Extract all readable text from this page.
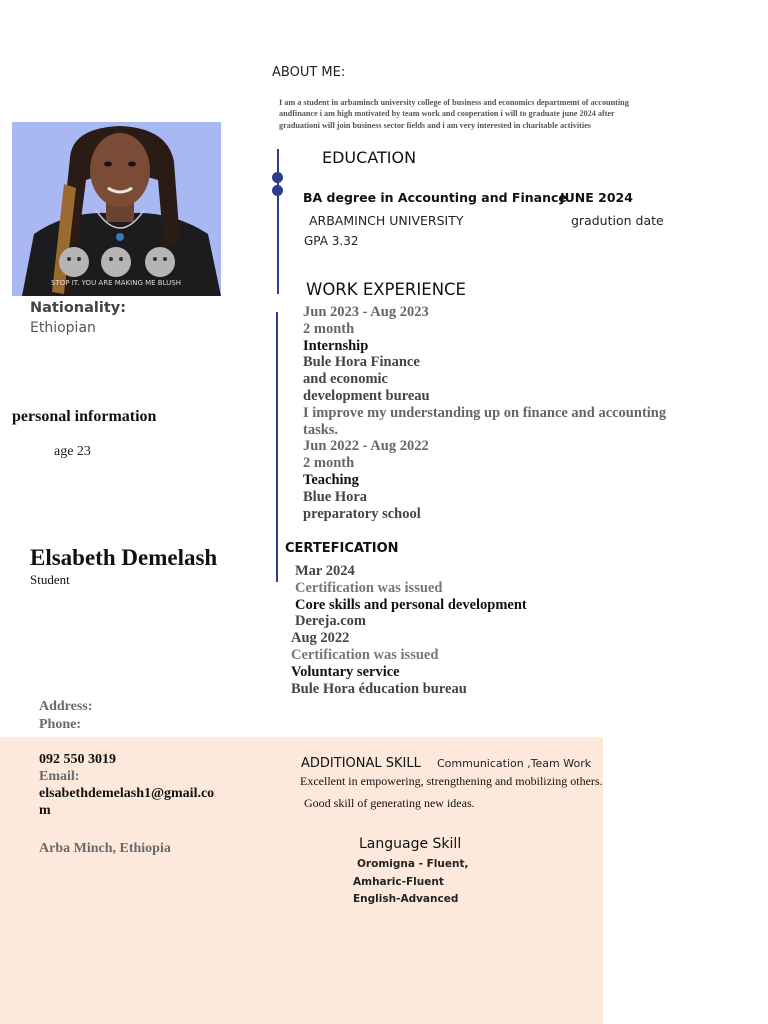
ABOUT ME:
I am a student in arbaminch university college of business and economics departmemt of accounting
andfinance i am high motivated by team work and cooperation i will to graduate june 2024 after
graduationi will join business sector fields and i am very interested in charitable activities
STOP IT. YOU ARE MAKING ME BLUSH
Nationality:
Ethiopian
personal information
age 23
Elsabeth Demelash
Student
Address:
Phone:
092 550 3019
Email:
elsabethdemelash1@gmail.co
m
Arba Minch, Ethiopia
EDUCATION
BA degree in Accounting and Finance
JUNE 2024
ARBAMINCH UNIVERSITY	gradution date
GPA 3.32
WORK EXPERIENCE
Jun 2023 - Aug 2023
2 month
Internship
Bule Hora Finance
and economic
development bureau
I improve my understanding up on finance and accounting
tasks.
Jun 2022 - Aug 2022
2 month
Teaching
Blue Hora
preparatory school
CERTEFICATION
Mar 2024
Certification was issued
Core skills and personal development
Dereja.com
Aug 2022
Certification was issued
Voluntary service
Bule Hora éducation bureau
ADDITIONAL SKILL Communication ,Team Work
Excellent in empowering, strengthening and mobilizing others.
Good skill of generating new ideas.
Language Skill
Oromigna - Fluent,
Amharic-Fluent
English-Advanced
